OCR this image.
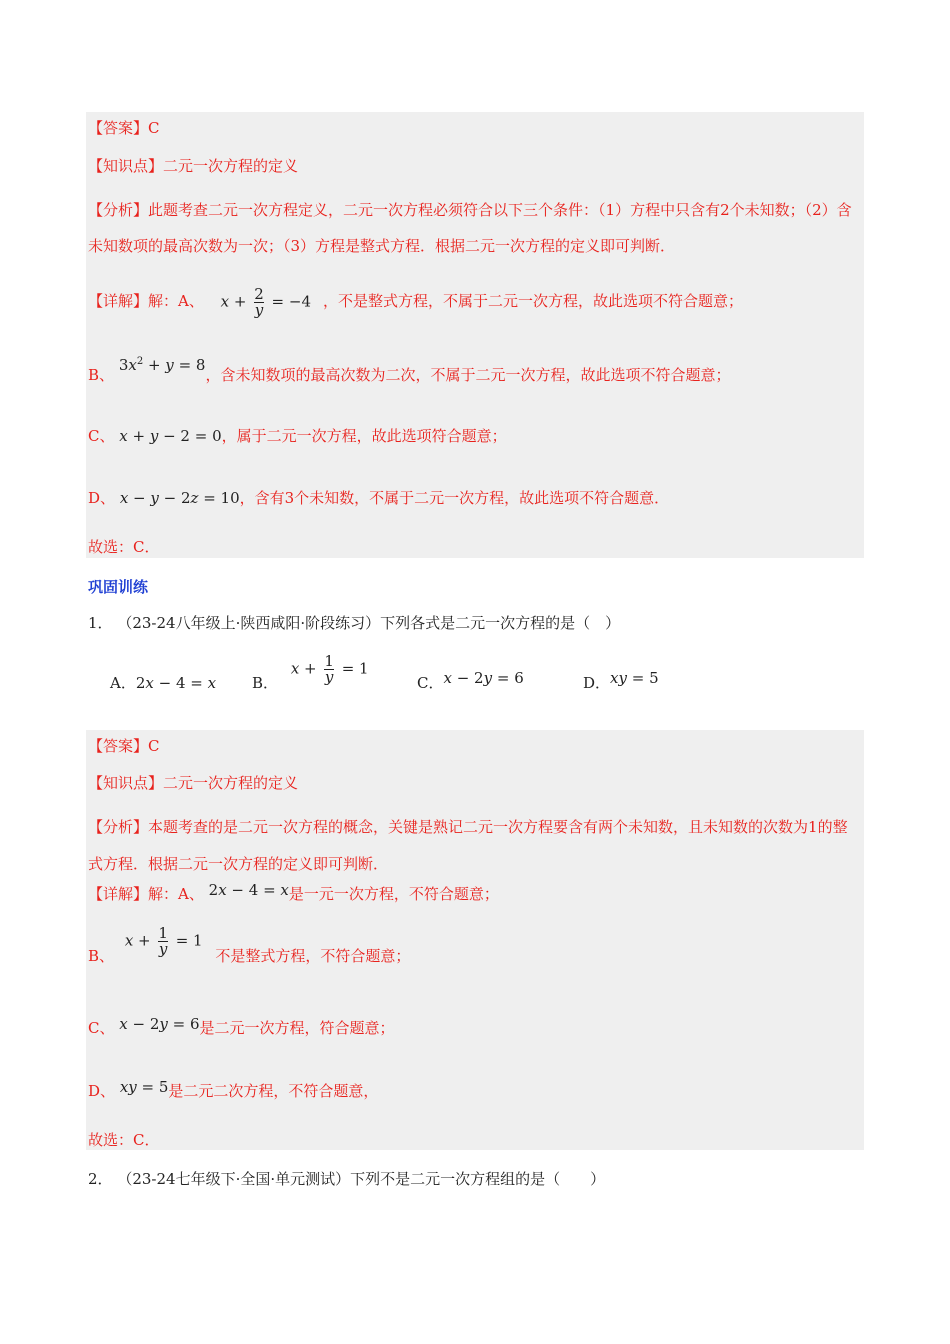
【答案】C
【知识点】二元一次方程的定义
【分析】此题考查二元一次方程定义，二元一次方程必须符合以下三个条件：（1）方程中只含有2个未知数；（2）含未知数项的最高次数为一次；（3）方程是整式方程．根据二元一次方程的定义即可判断．
【详解】解：A、 $x + \frac{2}{y} = -4$ ，不是整式方程，不属于二元一次方程，故此选项不符合题意；
B、 $3x^2 + y = 8$，含未知数项的最高次数为二次，不属于二元一次方程，故此选项不符合题意；
C、 x + y − 2 = 0，属于二元一次方程，故此选项符合题意；
D、 x − y − 2z = 10，含有3个未知数，不属于二元一次方程，故此选项不符合题意．
故选：C．
巩固训练
1． （23-24八年级上·陕西咸阳·阶段练习）下列各式是二元一次方程的是（　）
A．2x − 4 = x B． $x + \frac{1}{y} = 1$
C．x − 2y = 6	D．xy = 5
【答案】C
【知识点】二元一次方程的定义
【分析】本题考查的是二元一次方程的概念，关键是熟记二元一次方程要含有两个未知数，且未知数的次数为1的整式方程．根据二元一次方程的定义即可判断．
【详解】解：A、 2x − 4 = x是一元一次方程，不符合题意；
B、 $x + \frac{1}{y} = 1$ 不是整式方程，不符合题意；
C、 x − 2y = 6是二元一次方程，符合题意；
D、 xy = 5是二元二次方程，不符合题意，
故选：C．
2． （23-24七年级下·全国·单元测试）下列不是二元一次方程组的是（　　）
